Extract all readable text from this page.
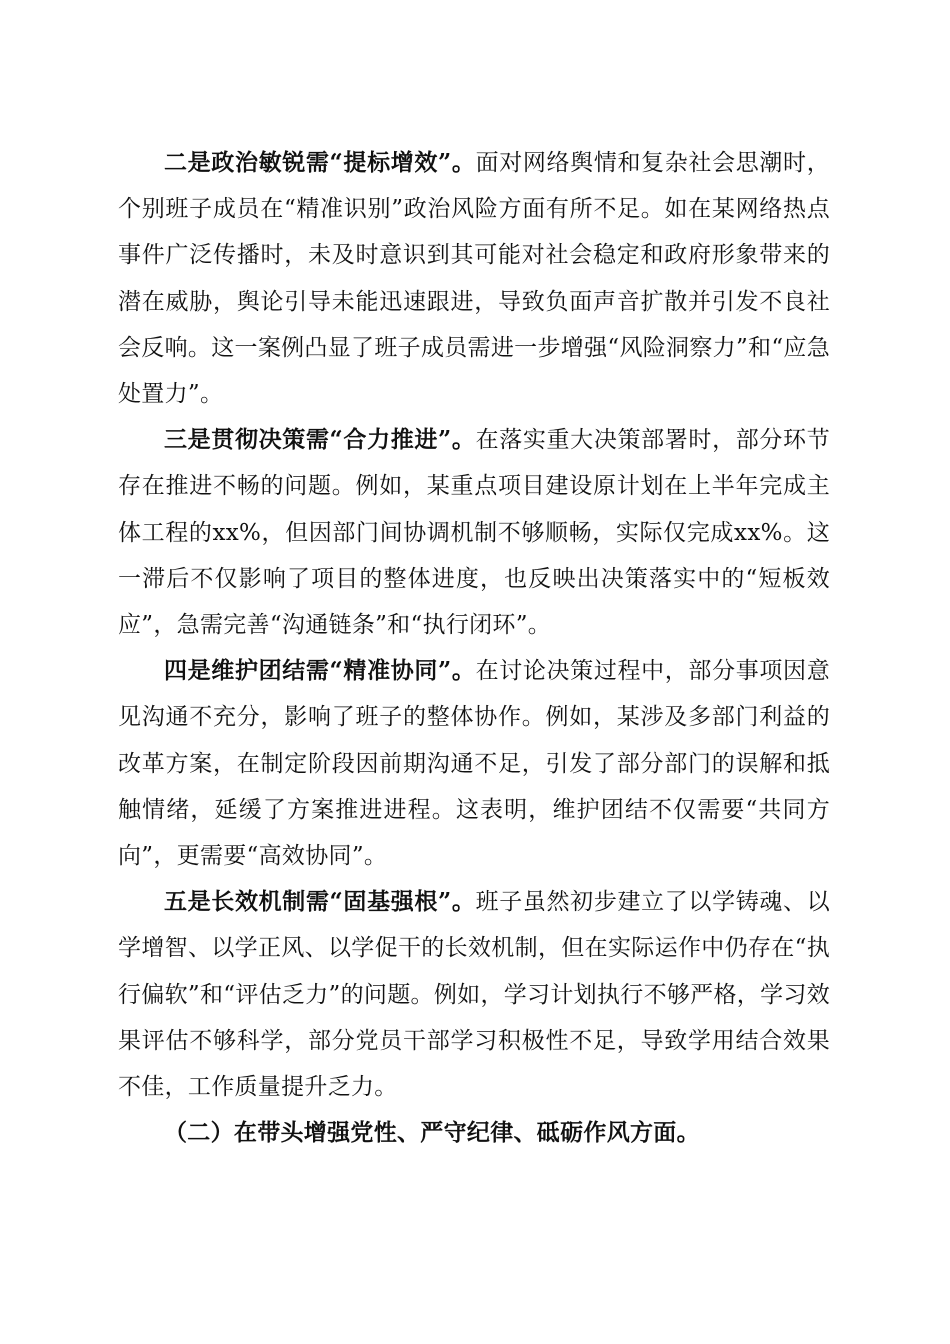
二是政治敏锐需“提标增效”。面对网络舆情和复杂社会思潮时，个别班子成员在“精准识别”政治风险方面有所不足。如在某网络热点事件广泛传播时，未及时意识到其可能对社会稳定和政府形象带来的潜在威胁，舆论引导未能迅速跟进，导致负面声音扩散并引发不良社会反响。这一案例凸显了班子成员需进一步增强“风险洞察力”和“应急处置力”。

三是贯彻决策需“合力推进”。在落实重大决策部署时，部分环节存在推进不畅的问题。例如，某重点项目建设原计划在上半年完成主体工程的xx%，但因部门间协调机制不够顺畅，实际仅完成xx%。这一滞后不仅影响了项目的整体进度，也反映出决策落实中的“短板效应”，急需完善“沟通链条”和“执行闭环”。

四是维护团结需“精准协同”。在讨论决策过程中，部分事项因意见沟通不充分，影响了班子的整体协作。例如，某涉及多部门利益的改革方案，在制定阶段因前期沟通不足，引发了部分部门的误解和抵触情绪，延缓了方案推进进程。这表明，维护团结不仅需要“共同方向”，更需要“高效协同”。

五是长效机制需“固基强根”。班子虽然初步建立了以学铸魂、以学增智、以学正风、以学促干的长效机制，但在实际运作中仍存在“执行偏软”和“评估乏力”的问题。例如，学习计划执行不够严格，学习效果评估不够科学，部分党员干部学习积极性不足，导致学用结合效果不佳，工作质量提升乏力。

（二）在带头增强党性、严守纪律、砥砺作风方面。
